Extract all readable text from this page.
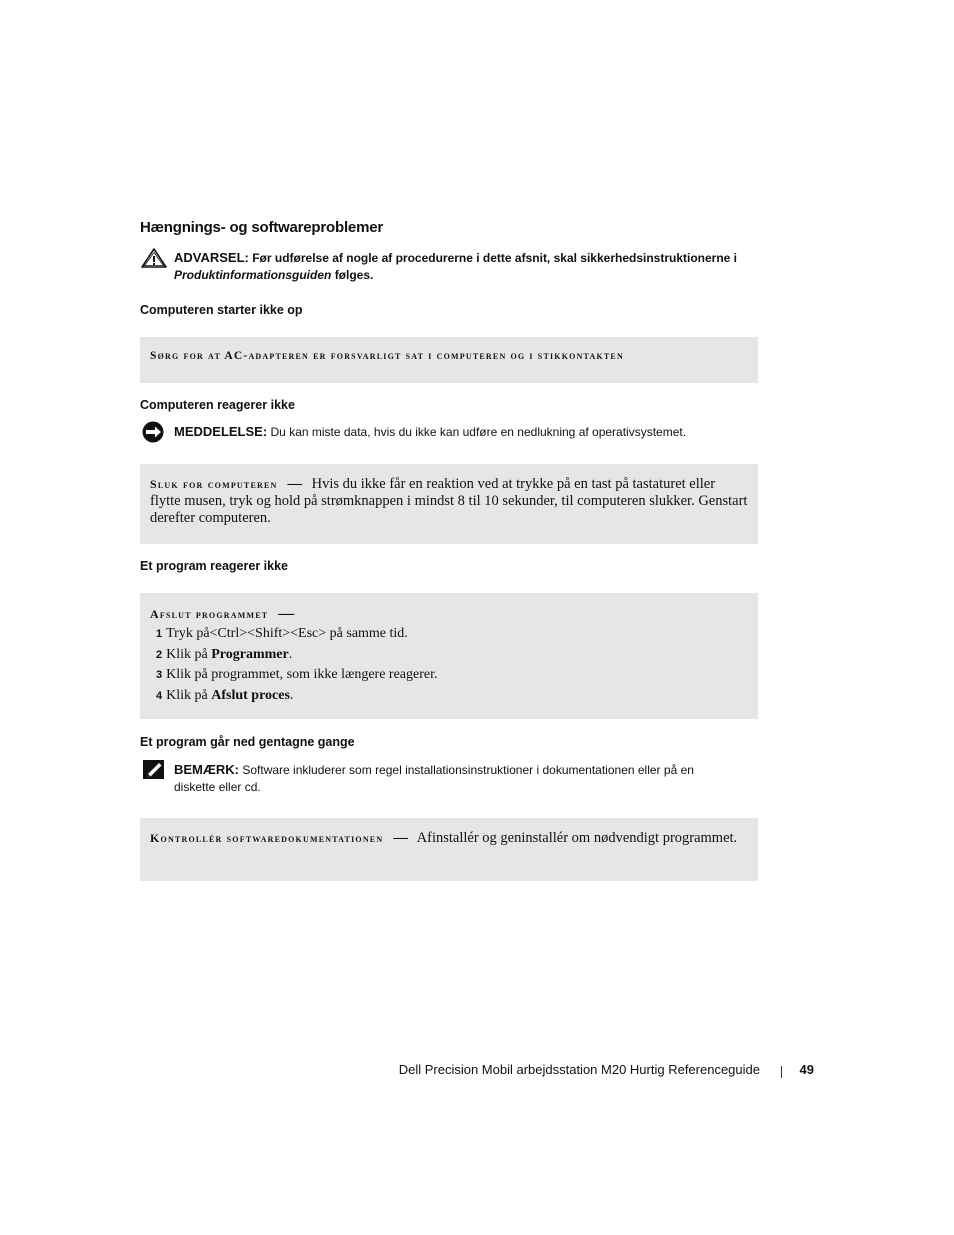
Hængnings- og softwareproblemer
ADVARSEL: Før udførelse af nogle af procedurerne i dette afsnit, skal sikkerhedsinstruktionerne i
Produktinformationsguiden følges.
Computeren starter ikke op
Sørg for at AC-adapteren er forsvarligt sat i computeren og i stikkontakten
Computeren reagerer ikke
MEDDELELSE: Du kan miste data, hvis du ikke kan udføre en nedlukning af operativsystemet.
Sluk for computeren — Hvis du ikke får en reaktion ved at trykke på en tast på tastaturet eller flytte musen, tryk og hold på strømknappen i mindst 8 til 10 sekunder, til computeren slukker. Genstart derefter computeren.
Et program reagerer ikke
Afslut programmet —
1 Tryk på<Ctrl><Shift><Esc> på samme tid.
2 Klik på Programmer.
3 Klik på programmet, som ikke længere reagerer.
4 Klik på Afslut proces.
Et program går ned gentagne gange
BEMÆRK: Software inkluderer som regel installationsinstruktioner i dokumentationen eller på en
diskette eller cd.
Kontrollér softwaredokumentationen — Afinstallér og geninstallér om nødvendigt programmet.
Dell Precision Mobil arbejdsstation M20 Hurtig Referenceguide	49
